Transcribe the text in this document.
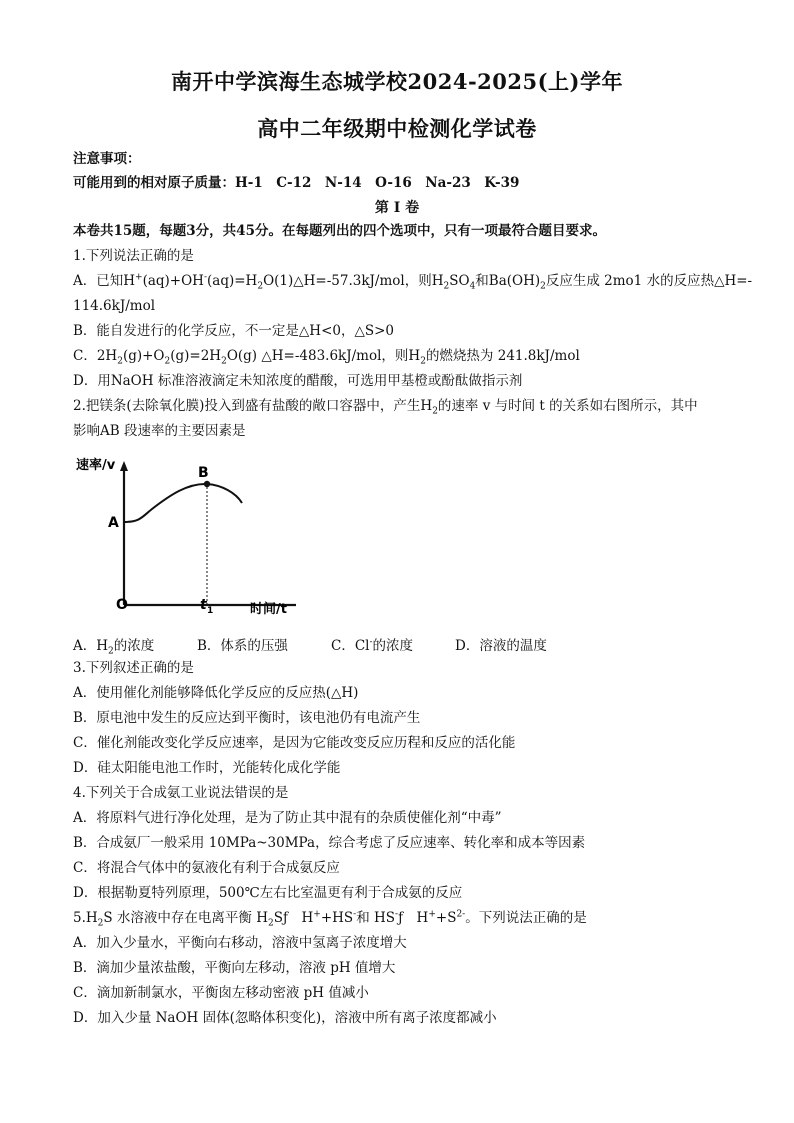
南开中学滨海生态城学校2024-2025(上)学年
高中二年级期中检测化学试卷
注意事项：
可能用到的相对原子质量：H-1　C-12　N-14　O-16　Na-23　K-39
第 I 卷
本卷共15题，每题3分，共45分。在每题列出的四个选项中，只有一项最符合题目要求。
1.下列说法正确的是
A．已知$H^+(aq)+OH^-(aq)=H_2O(1)\triangle H=-57.3kJ$/mol，则$H_2SO_4$和$Ba(OH)_2$反应生成 2mo1 水的反应热△H=-
114.6kJ/mol
B．能自发进行的化学反应，不一定是△H<0，△S>0
C．$2H_2(g)+O_2(g)=2H_2O(g)$ △H=-483.6kJ/mol，则$H_2$的燃烧热为 241.8kJ/mol
D．用NaOH 标准溶液滴定未知浓度的醋酸，可选用甲基橙或酚酞做指示剂
2.把镁条(去除氧化膜)投入到盛有盐酸的敞口容器中，产生$H_2$的速率 v 与时间 t 的关系如右图所示，其中
影响AB 段速率的主要因素是
速率/v
A
B
O	t 1	时间/t
A．$H_2$的浓度	B．体系的压强	C．Cl-的浓度	D．溶液的温度
3.下列叙述正确的是
A．使用催化剂能够降低化学反应的反应热(△H)
B．原电池中发生的反应达到平衡时，该电池仍有电流产生
C．催化剂能改变化学反应速率，是因为它能改变反应历程和反应的活化能
D．硅太阳能电池工作时，光能转化成化学能
4.下列关于合成氨工业说法错误的是
A．将原料气进行净化处理，是为了防止其中混有的杂质使催化剂“中毒”
B．合成氨厂一般采用 10MPa~30MPa，综合考虑了反应速率、转化率和成本等因素
C．将混合气体中的氨液化有利于合成氨反应
D．根据勒夏特列原理，500℃左右比室温更有利于合成氨的反应
$5.H_2S$ 水溶液中存在电离平衡 $H_2Sƒ$　H++HS-和 HS-ƒ　$H^++S^{2-}$。下列说法正确的是
A．加入少量水，平衡向右移动，溶液中氢离子浓度增大
B．滴加少量浓盐酸，平衡向左移动，溶液 pH 值增大
C．滴加新制氯水，平衡囱左移动密液 pH 值减小
D．加入少量 NaOH 固体(忽略体积变化)，溶液中所有离子浓度都减小
